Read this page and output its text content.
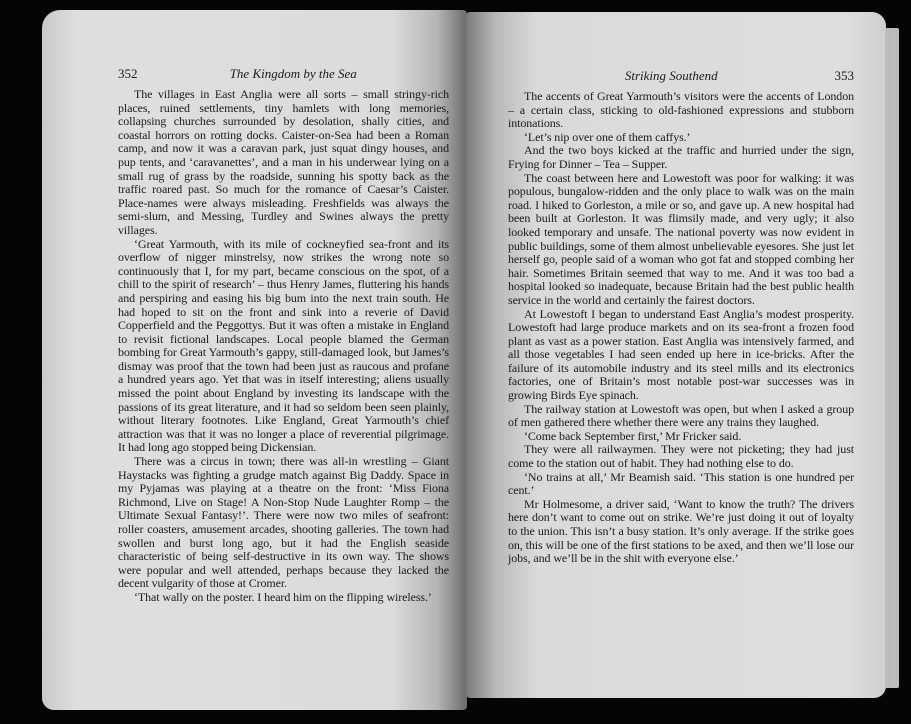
352	The Kingdom by the Sea

The villages in East Anglia were all sorts – small stringy-rich places, ruined settlements, tiny hamlets with long memories, collapsing churches surrounded by desolation, shally cities, and coastal horrors on rotting docks. Caister-on-Sea had been a Roman camp, and now it was a caravan park, just squat dingy houses, and pup tents, and ‘caravanettes’, and a man in his underwear lying on a small rug of grass by the roadside, sunning his spotty back as the traffic roared past. So much for the romance of Caesar’s Caister. Place-names were always misleading. Freshfields was always the semi-slum, and Messing, Turdley and Swines always the pretty villages.

‘Great Yarmouth, with its mile of cockneyfied sea-front and its overflow of nigger minstrelsy, now strikes the wrong note so continuously that I, for my part, became conscious on the spot, of a chill to the spirit of research’ – thus Henry James, fluttering his hands and perspiring and easing his big bum into the next train south. He had hoped to sit on the front and sink into a reverie of David Copperfield and the Peggottys. But it was often a mistake in England to revisit fictional landscapes. Local people blamed the German bombing for Great Yarmouth’s gappy, still-damaged look, but James’s dismay was proof that the town had been just as raucous and profane a hundred years ago. Yet that was in itself interesting; aliens usually missed the point about England by investing its landscape with the passions of its great literature, and it had so seldom been seen plainly, without literary footnotes. Like England, Great Yarmouth’s chief attraction was that it was no longer a place of reverential pilgrimage. It had long ago stopped being Dickensian.

There was a circus in town; there was all-in wrestling – Giant Haystacks was fighting a grudge match against Big Daddy. Space in my Pyjamas was playing at a theatre on the front: ‘Miss Fiona Richmond, Live on Stage! A Non-Stop Nude Laughter Romp – the Ultimate Sexual Fantasy!’. There were now two miles of seafront: roller coasters, amusement arcades, shooting galleries. The town had swollen and burst long ago, but it had the English seaside characteristic of being self-destructive in its own way. The shows were popular and well attended, perhaps because they lacked the decent vulgarity of those at Cromer.

‘That wally on the poster. I heard him on the flipping wireless.’

Striking Southend	353

The accents of Great Yarmouth’s visitors were the accents of London – a certain class, sticking to old-fashioned expressions and stubborn intonations.

‘Let’s nip over one of them caffys.’

And the two boys kicked at the traffic and hurried under the sign, Frying for Dinner – Tea – Supper.

The coast between here and Lowestoft was poor for walking: it was populous, bungalow-ridden and the only place to walk was on the main road. I hiked to Gorleston, a mile or so, and gave up. A new hospital had been built at Gorleston. It was flimsily made, and very ugly; it also looked temporary and unsafe. The national poverty was now evident in public buildings, some of them almost unbelievable eyesores. She just let herself go, people said of a woman who got fat and stopped combing her hair. Sometimes Britain seemed that way to me. And it was too bad a hospital looked so inadequate, because Britain had the best public health service in the world and certainly the fairest doctors.

At Lowestoft I began to understand East Anglia’s modest prosperity. Lowestoft had large produce markets and on its sea-front a frozen food plant as vast as a power station. East Anglia was intensively farmed, and all those vegetables I had seen ended up here in ice-bricks. After the failure of its automobile industry and its steel mills and its electronics factories, one of Britain’s most notable post-war successes was in growing Birds Eye spinach.

The railway station at Lowestoft was open, but when I asked a group of men gathered there whether there were any trains they laughed.

‘Come back September first,’ Mr Fricker said.

They were all railwaymen. They were not picketing; they had just come to the station out of habit. They had nothing else to do.

‘No trains at all,’ Mr Beamish said. ‘This station is one hundred per cent.’

Mr Holmesome, a driver said, ‘Want to know the truth? The drivers here don’t want to come out on strike. We’re just doing it out of loyalty to the union. This isn’t a busy station. It’s only average. If the strike goes on, this will be one of the first stations to be axed, and then we’ll lose our jobs, and we’ll be in the shit with everyone else.’
